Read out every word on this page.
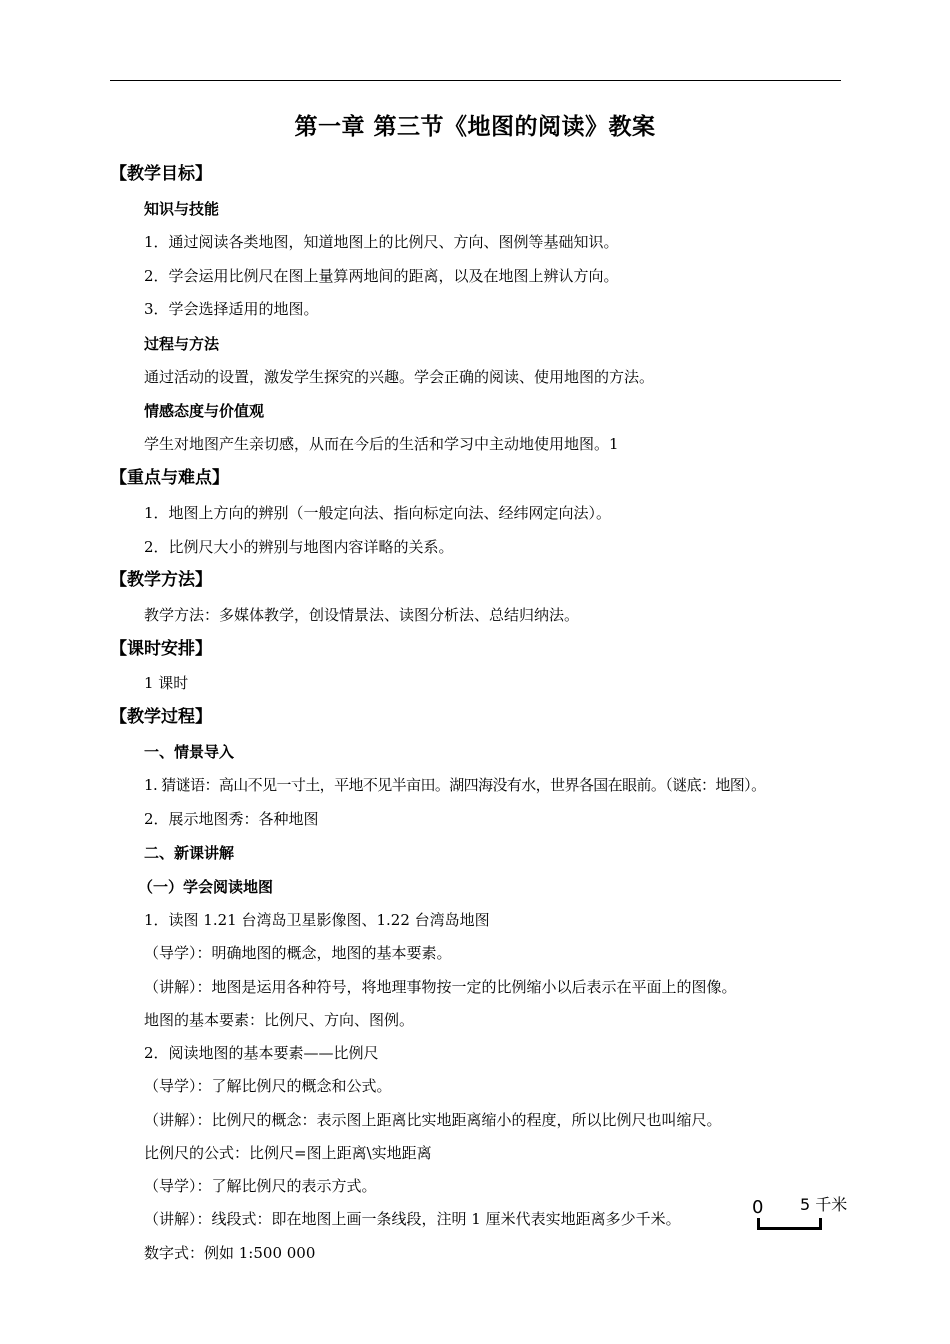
第一章 第三节《地图的阅读》教案
【教学目标】
知识与技能
1．通过阅读各类地图，知道地图上的比例尺、方向、图例等基础知识。
2．学会运用比例尺在图上量算两地间的距离，以及在地图上辨认方向。
3．学会选择适用的地图。
过程与方法
通过活动的设置，激发学生探究的兴趣。学会正确的阅读、使用地图的方法。
情感态度与价值观
学生对地图产生亲切感，从而在今后的生活和学习中主动地使用地图。1
【重点与难点】
1．地图上方向的辨别（一般定向法、指向标定向法、经纬网定向法）。
2．比例尺大小的辨别与地图内容详略的关系。
【教学方法】
教学方法：多媒体教学，创设情景法、读图分析法、总结归纳法。
【课时安排】
1 课时
【教学过程】
一、情景导入
1. 猜谜语：高山不见一寸土，平地不见半亩田。湖四海没有水，世界各国在眼前。（谜底：地图）。
2．展示地图秀：各种地图
二、新课讲解
（一）学会阅读地图
1．读图 1.21 台湾岛卫星影像图、1.22 台湾岛地图
（导学）：明确地图的概念，地图的基本要素。
（讲解）：地图是运用各种符号，将地理事物按一定的比例缩小以后表示在平面上的图像。
地图的基本要素：比例尺、方向、图例。
2．阅读地图的基本要素——比例尺
（导学）：了解比例尺的概念和公式。
（讲解）：比例尺的概念：表示图上距离比实地距离缩小的程度，所以比例尺也叫缩尺。
比例尺的公式：比例尺=图上距离\实地距离
（导学）：了解比例尺的表示方式。
（讲解）：线段式：即在地图上画一条线段，注明 1 厘米代表实地距离多少千米。
数字式：例如 1:500 000
0 5 千米
